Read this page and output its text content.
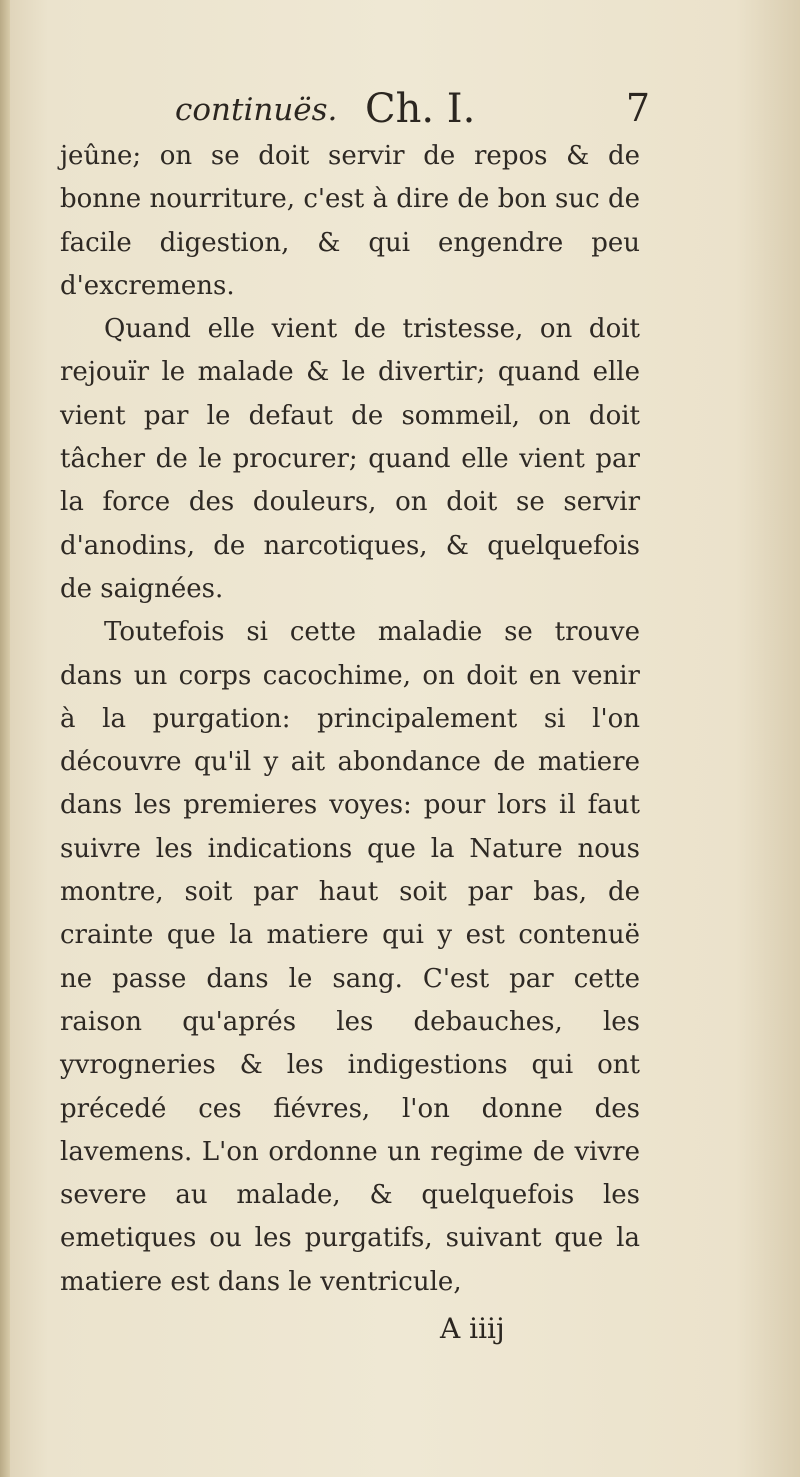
continuës. Ch. I.	7

jeûne; on se doit servir de repos & de bonne nourriture, c'est à dire de bon suc de facile digestion, & qui engendre peu d'excremens.

Quand elle vient de tristesse, on doit rejouïr le malade & le divertir; quand elle vient par le defaut de sommeil, on doit tâcher de le procurer; quand elle vient par la force des douleurs, on doit se servir d'anodins, de narcotiques, & quelquefois de saignées.

Toutefois si cette maladie se trouve dans un corps cacochime, on doit en venir à la purgation: principalement si l'on découvre qu'il y ait abondance de matiere dans les premieres voyes: pour lors il faut suivre les indications que la Nature nous montre, soit par haut soit par bas, de crainte que la matiere qui y est contenuë ne passe dans le sang. C'est par cette raison qu'aprés les debauches, les yvrogneries & les indigestions qui ont précedé ces fiévres, l'on donne des lavemens. L'on ordonne un regime de vivre severe au malade, & quelquefois les emetiques ou les purgatifs, suivant que la matiere est dans le ventricule,

A iiij
